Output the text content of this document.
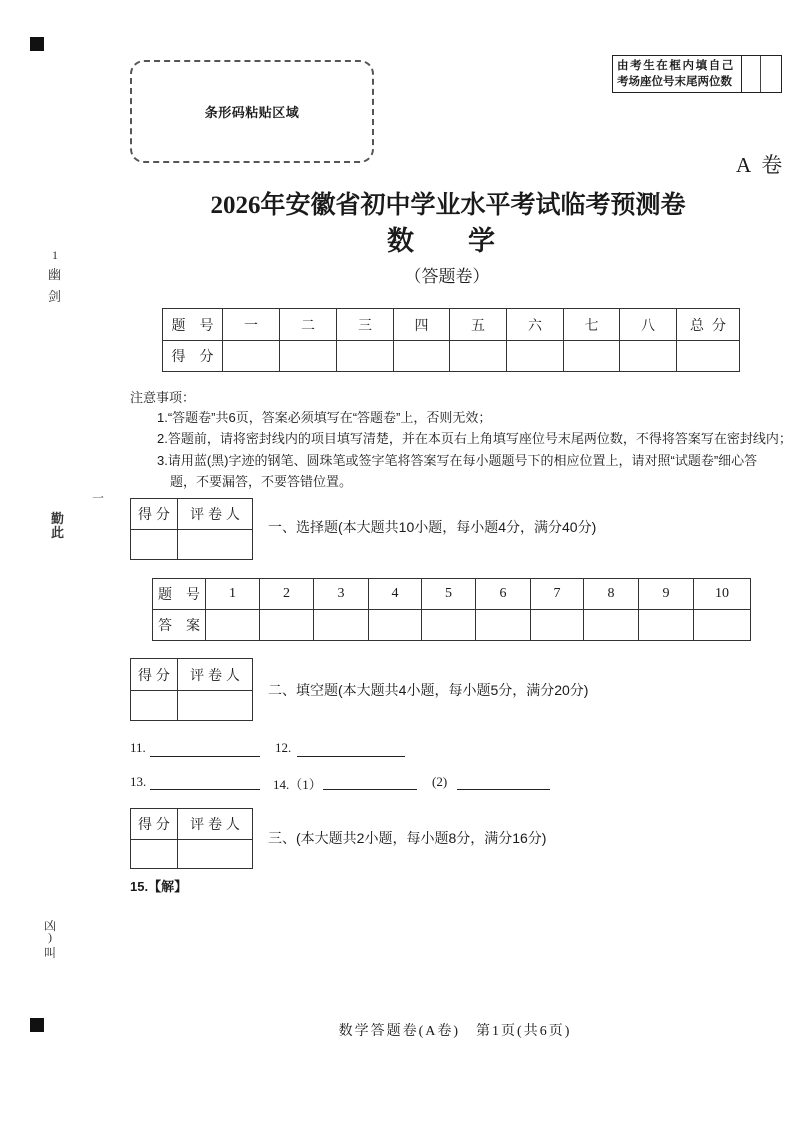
条形码粘贴区域
由考生在框内填自己
考场座位号末尾两位数
A 卷
2026年安徽省初中学业水平考试临考预测卷
数　　学
（答题卷）
1
幽
剑
一
勤
此
凶
)
叫
题　号	一	二	三	四	五	六	七	八	总分
得　分									
注意事项：
1.“答题卷”共6页，答案必须填写在“答题卷”上，否则无效；
2.答题前，请将密封线内的项目填写清楚，并在本页右上角填写座位号末尾两位数，不得将答案写在密封线内；
3.请用蓝(黑)字迹的钢笔、圆珠笔或签字笔将答案写在每小题题号下的相应位置上，请对照“试题卷”细心答
题，不要漏答，不要答错位置。
得 分	评 卷 人

一、选择题(本大题共10小题，每小题4分，满分40分)
题　号	1	2	3	4	5	6	7	8	9	10
答　案										
得 分	评 卷 人

二、填空题(本大题共4小题，每小题5分，满分20分)
11.	12.
13.	14.（1）	(2)
得 分	评 卷 人

三、(本大题共2小题，每小题8分，满分16分)
15.【解】
数学答题卷(A卷)　第1页(共6页)
